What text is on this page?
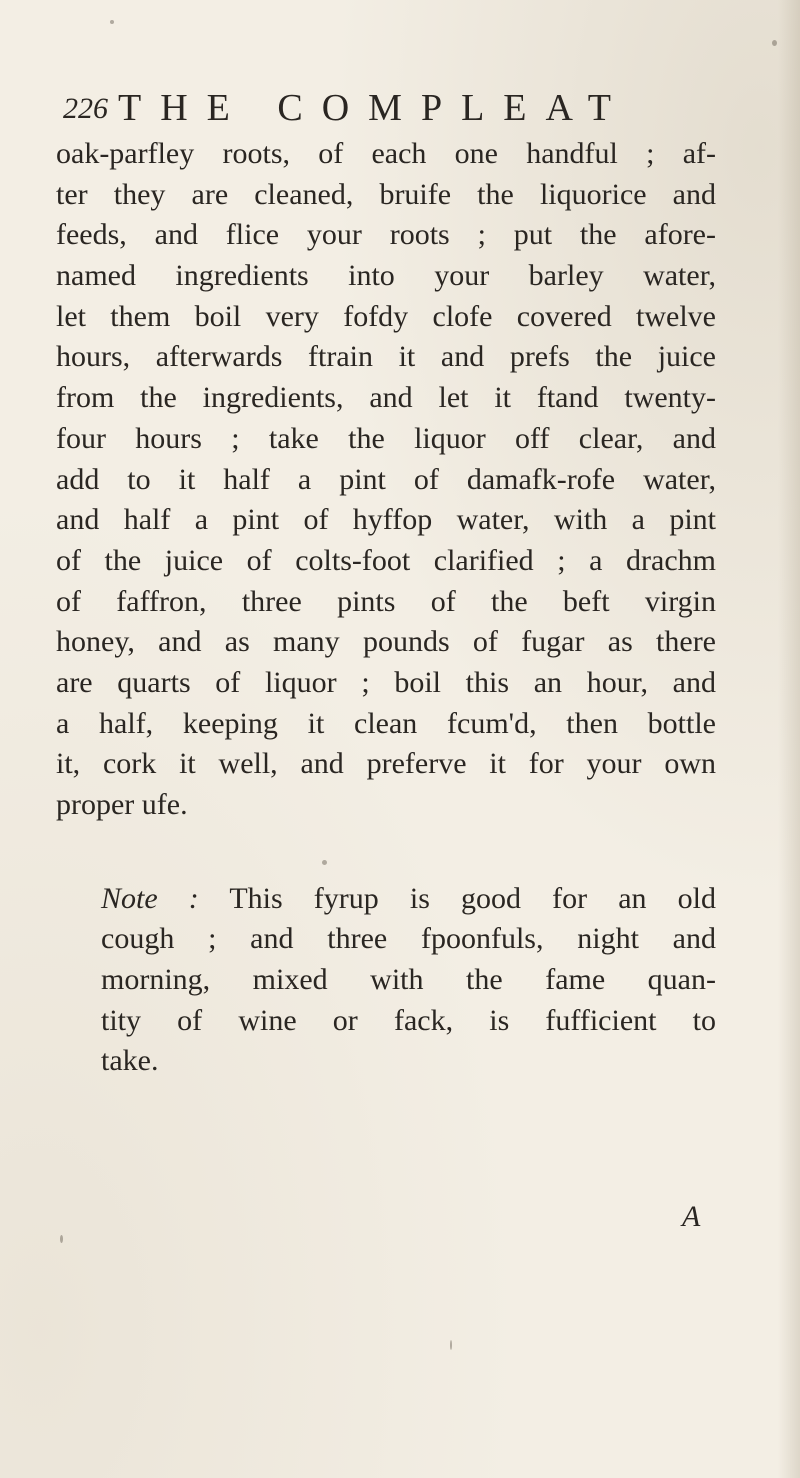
226 THE COMPLEAT
oak-parfley roots, of each one handful ; af-
ter they are cleaned, bruife the liquorice and
feeds, and flice your roots ; put the afore-
named ingredients into your barley water,
let them boil very fofdy clofe covered twelve
hours, afterwards ftrain it and prefs the juice
from the ingredients, and let it ftand twenty-
four hours ; take the liquor off clear, and
add to it half a pint of damafk-rofe water,
and half a pint of hyffop water, with a pint
of the juice of colts-foot clarified ; a drachm
of faffron, three pints of the beft virgin
honey, and as many pounds of fugar as there
are quarts of liquor ; boil this an hour, and
a half, keeping it clean fcum'd, then bottle
it, cork it well, and preferve it for your own
proper ufe.
Note : This fyrup is good for an old
cough ; and three fpoonfuls, night and
morning, mixed with the fame quan-
tity of wine or fack, is fufficient to
take.
A
